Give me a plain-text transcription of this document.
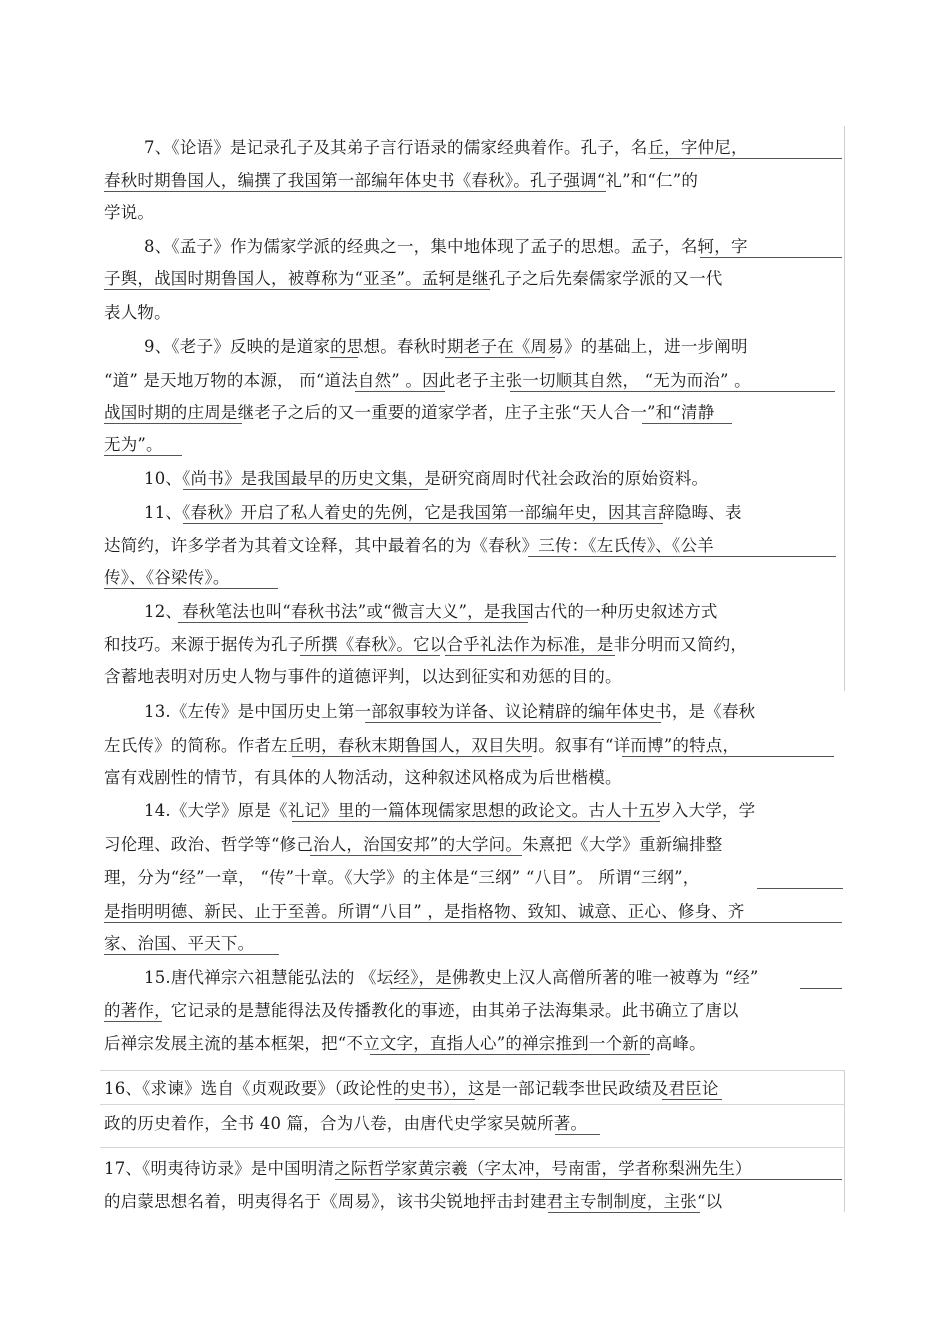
7、《论语》是记录孔子及其弟子言行语录的儒家经典着作。孔子，名丘，字仲尼，
春秋时期鲁国人，编撰了我国第一部编年体史书《春秋》。孔子强调“礼”和“仁”的
学说。
8、《孟子》作为儒家学派的经典之一，集中地体现了孟子的思想。孟子，名轲，字
子舆，战国时期鲁国人，被尊称为“亚圣”。孟轲是继孔子之后先秦儒家学派的又一代
表人物。
9、《老子》反映的是道家的思想。春秋时期老子在《周易》的基础上，进一步阐明
“道” 是天地万物的本源， 而“道法自然” 。因此老子主张一切顺其自然， “无为而治” 。
战国时期的庄周是继老子之后的又一重要的道家学者，庄子主张“天人合一”和“清静
无为”。
10、《尚书》是我国最早的历史文集，是研究商周时代社会政治的原始资料。
11、《春秋》开启了私人着史的先例，它是我国第一部编年史，因其言辞隐晦、表
达简约，许多学者为其着文诠释，其中最着名的为《春秋》三传：《左氏传》、《公羊
传》、《谷梁传》。
12、春秋笔法也叫“春秋书法”或“微言大义”，是我国古代的一种历史叙述方式
和技巧。来源于据传为孔子所撰《春秋》。它以合乎礼法作为标准，是非分明而又简约，
含蓄地表明对历史人物与事件的道德评判，以达到征实和劝惩的目的。
13.《左传》是中国历史上第一部叙事较为详备、议论精辟的编年体史书，是《春秋
左氏传》的简称。作者左丘明，春秋末期鲁国人，双目失明。叙事有“详而博”的特点，
富有戏剧性的情节，有具体的人物活动，这种叙述风格成为后世楷模。
14.《大学》原是《礼记》里的一篇体现儒家思想的政论文。古人十五岁入大学，学
习伦理、政治、哲学等“修己治人，治国安邦”的大学问。朱熹把《大学》重新编排整
理，分为“经”一章， “传”十章。《大学》的主体是“三纲” “八目”。 所谓“三纲”，
是指明明德、新民、止于至善。所谓“八目” ，是指格物、致知、诚意、正心、修身、齐
家、治国、平天下。
15.唐代禅宗六祖慧能弘法的 《坛经》，是佛教史上汉人高僧所著的唯一被尊为 “经”
的著作，它记录的是慧能得法及传播教化的事迹，由其弟子法海集录。此书确立了唐以
后禅宗发展主流的基本框架，把“不立文字，直指人心”的禅宗推到一个新的高峰。
16、《求谏》选自《贞观政要》（政论性的史书），这是一部记载李世民政绩及君臣论
政的历史着作，全书 40 篇，合为八卷，由唐代史学家吴兢所著。
17、《明夷待访录》是中国明清之际哲学家黄宗羲（字太冲，号南雷，学者称梨洲先生）
的启蒙思想名着，明夷得名于《周易》，该书尖锐地抨击封建君主专制制度，主张“以
